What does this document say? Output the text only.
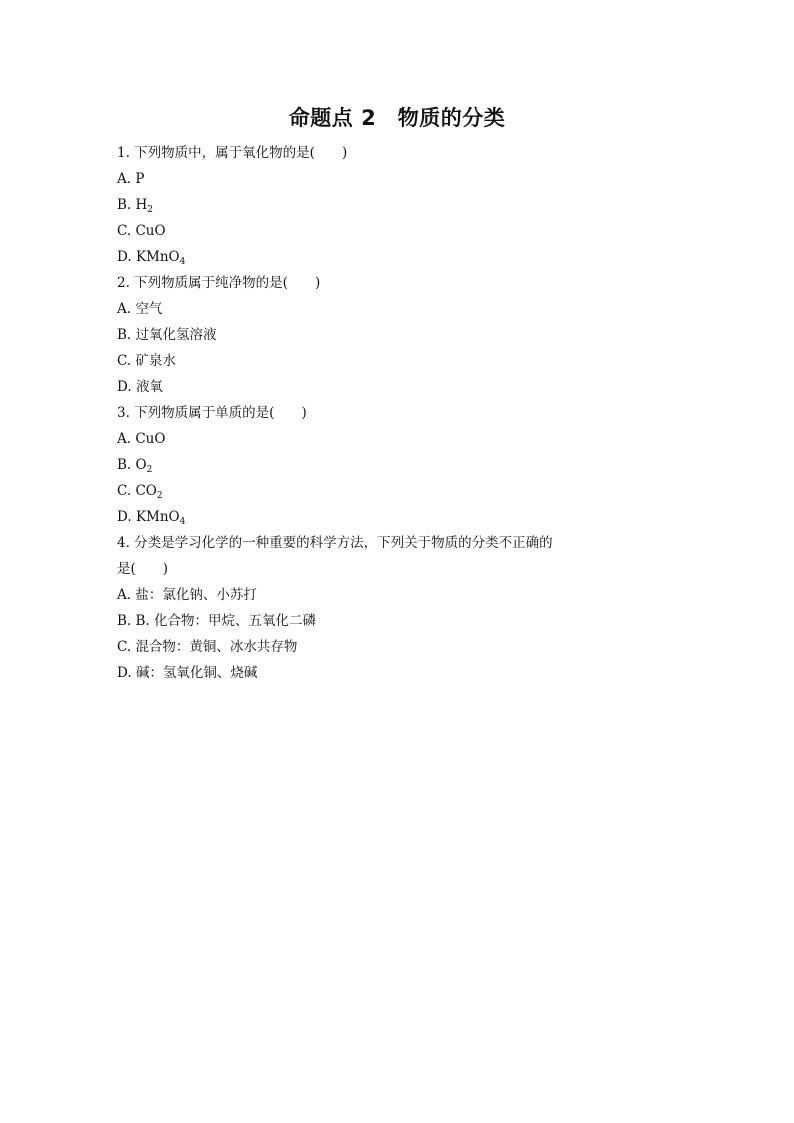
命题点 2　物质的分类
1. 下列物质中，属于氧化物的是(　　)
A. P
B. $H_2$
C. CuO
D. KMnO$_4$
2. 下列物质属于纯净物的是(　　)
A. 空气
B. 过氧化氢溶液
C. 矿泉水
D. 液氧
3. 下列物质属于单质的是(　　)
A. CuO
B. $O_2$
C. $CO_2$
D. KMnO$_4$
4. 分类是学习化学的一种重要的科学方法，下列关于物质的分类不正确的是(　　)
A. 盐：氯化钠、小苏打
B. B. 化合物：甲烷、五氧化二磷
C. 混合物：黄铜、冰水共存物
D. 碱：氢氧化铜、烧碱
